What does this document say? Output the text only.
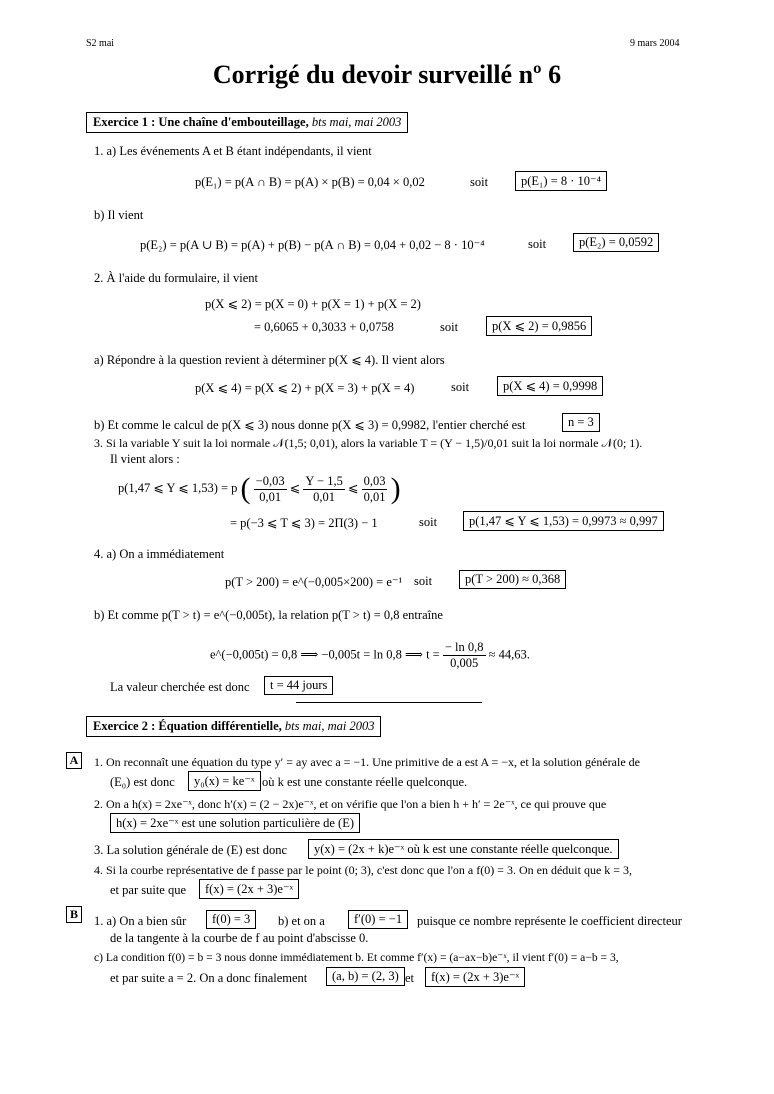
S2 mai	9 mars 2004
Corrigé du devoir surveillé nº 6
Exercice 1 : Une chaîne d'embouteillage, bts mai, mai 2003
1. a) Les événements A et B étant indépendants, il vient
p(E₁) = p(A ∩ B) = p(A) × p(B) = 0,04 × 0,02	soit	p(E₁) = 8 · 10⁻⁴
b) Il vient
p(E₂) = p(A ∪ B) = p(A) + p(B) − p(A ∩ B) = 0,04 + 0,02 − 8 · 10⁻⁴	soit	p(E₂) = 0,0592
2. À l'aide du formulaire, il vient
p(X ⩽ 2) = p(X = 0) + p(X = 1) + p(X = 2)
= 0,6065 + 0,3033 + 0,0758	soit	p(X ⩽ 2) = 0,9856
a) Répondre à la question revient à déterminer p(X ⩽ 4). Il vient alors
p(X ⩽ 4) = p(X ⩽ 2) + p(X = 3) + p(X = 4)	soit	p(X ⩽ 4) = 0,9998
b) Et comme le calcul de p(X ⩽ 3) nous donne p(X ⩽ 3) = 0,9982, l'entier cherché est	n = 3
3. Si la variable Y suit la loi normale 𝒩(1,5; 0,01), alors la variable T = (Y − 1,5)/0,01 suit la loi normale 𝒩(0; 1).
Il vient alors :
p(1,47 ⩽ Y ⩽ 1,53) = p ( $\frac{-0,03}{0,01}$ ⩽ $\frac{Y - 1,5}{0,01}$ ⩽ $\frac{0,03}{0,01}$ )
= p(−3 ⩽ T ⩽ 3) = 2Π(3) − 1	soit	p(1,47 ⩽ Y ⩽ 1,53) = 0,9973 ≈ 0,997
4. a) On a immédiatement
p(T > 200) = e^(−0,005×200) = e⁻¹ soit	p(T > 200) ≈ 0,368
b) Et comme p(T > t) = e^(−0,005t), la relation p(T > t) = 0,8 entraîne
e^(−0,005t) = 0,8 ⟹ −0,005t = ln 0,8 ⟹ $t = \frac{- \ln 0,8}{0,005} \approx 44,63$.
La valeur cherchée est donc	t = 44 jours
Exercice 2 : Équation différentielle, bts mai, mai 2003
A	1. On reconnaît une équation du type y′ = ay avec a = −1. Une primitive de a est A = −x, et la solution générale de
(E₀) est donc	y₀(x) = ke⁻ˣ où k est une constante réelle quelconque.
2. On a h(x) = 2xe⁻ˣ, donc h′(x) = (2 − 2x)e⁻ˣ, et on vérifie que l'on a bien h + h′ = 2e⁻ˣ, ce qui prouve que
h(x) = 2xe⁻ˣ est une solution particulière de (E)
3. La solution générale de (E) est donc	y(x) = (2x + k)e⁻ˣ où k est une constante réelle quelconque.
4. Si la courbe représentative de f passe par le point (0; 3), c'est donc que l'on a f(0) = 3. On en déduit que k = 3,
et par suite que	f(x) = (2x + 3)e⁻ˣ
B	1. a) On a bien sûr	f(0) = 3	b) et on a	f′(0) = −1	puisque ce nombre représente le coefficient directeur
de la tangente à la courbe de f au point d'abscisse 0.
c) La condition f(0) = b = 3 nous donne immédiatement b. Et comme f′(x) = (a−ax−b)e⁻ˣ, il vient f′(0) = a−b = 3,
et par suite a = 2. On a donc finalement	(a, b) = (2, 3) et	f(x) = (2x + 3)e⁻ˣ
